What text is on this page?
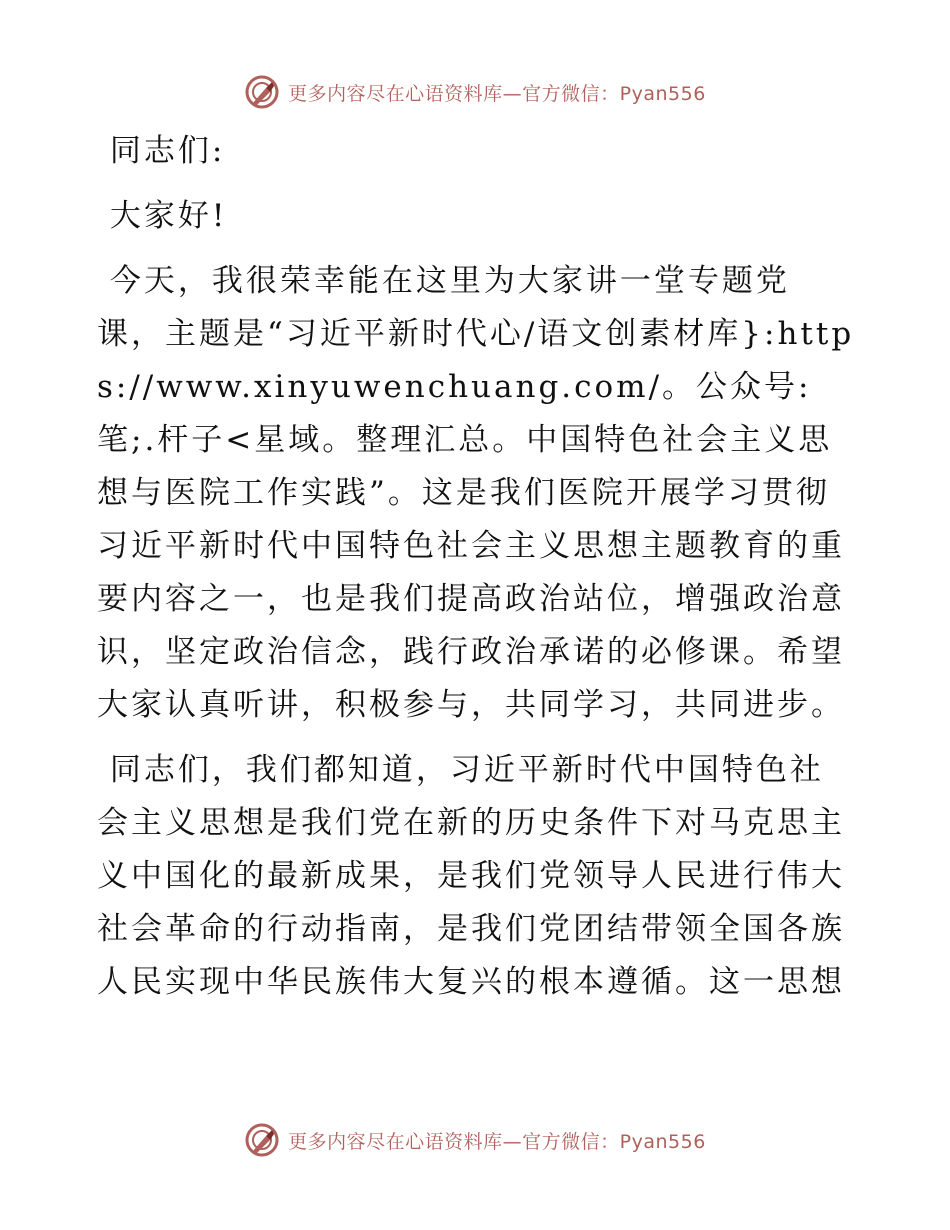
更多内容尽在心语资料库—官方微信：Pyan556

同志们:

大家好!

今天，我很荣幸能在这里为大家讲一堂专题党课，主题是“习近平新时代心/语文创素材库}:https://www.xinyuwenchuang.com/。公众号:笔;.杆子<星域。整理汇总。中国特色社会主义思想与医院工作实践”。这是我们医院开展学习贯彻习近平新时代中国特色社会主义思想主题教育的重要内容之一，也是我们提高政治站位，增强政治意识，坚定政治信念，践行政治承诺的必修课。希望大家认真听讲，积极参与，共同学习，共同进步。

同志们，我们都知道，习近平新时代中国特色社会主义思想是我们党在新的历史条件下对马克思主义中国化的最新成果，是我们党领导人民进行伟大社会革命的行动指南，是我们党团结带领全国各族人民实现中华民族伟大复兴的根本遵循。这一思想

更多内容尽在心语资料库—官方微信：Pyan556
